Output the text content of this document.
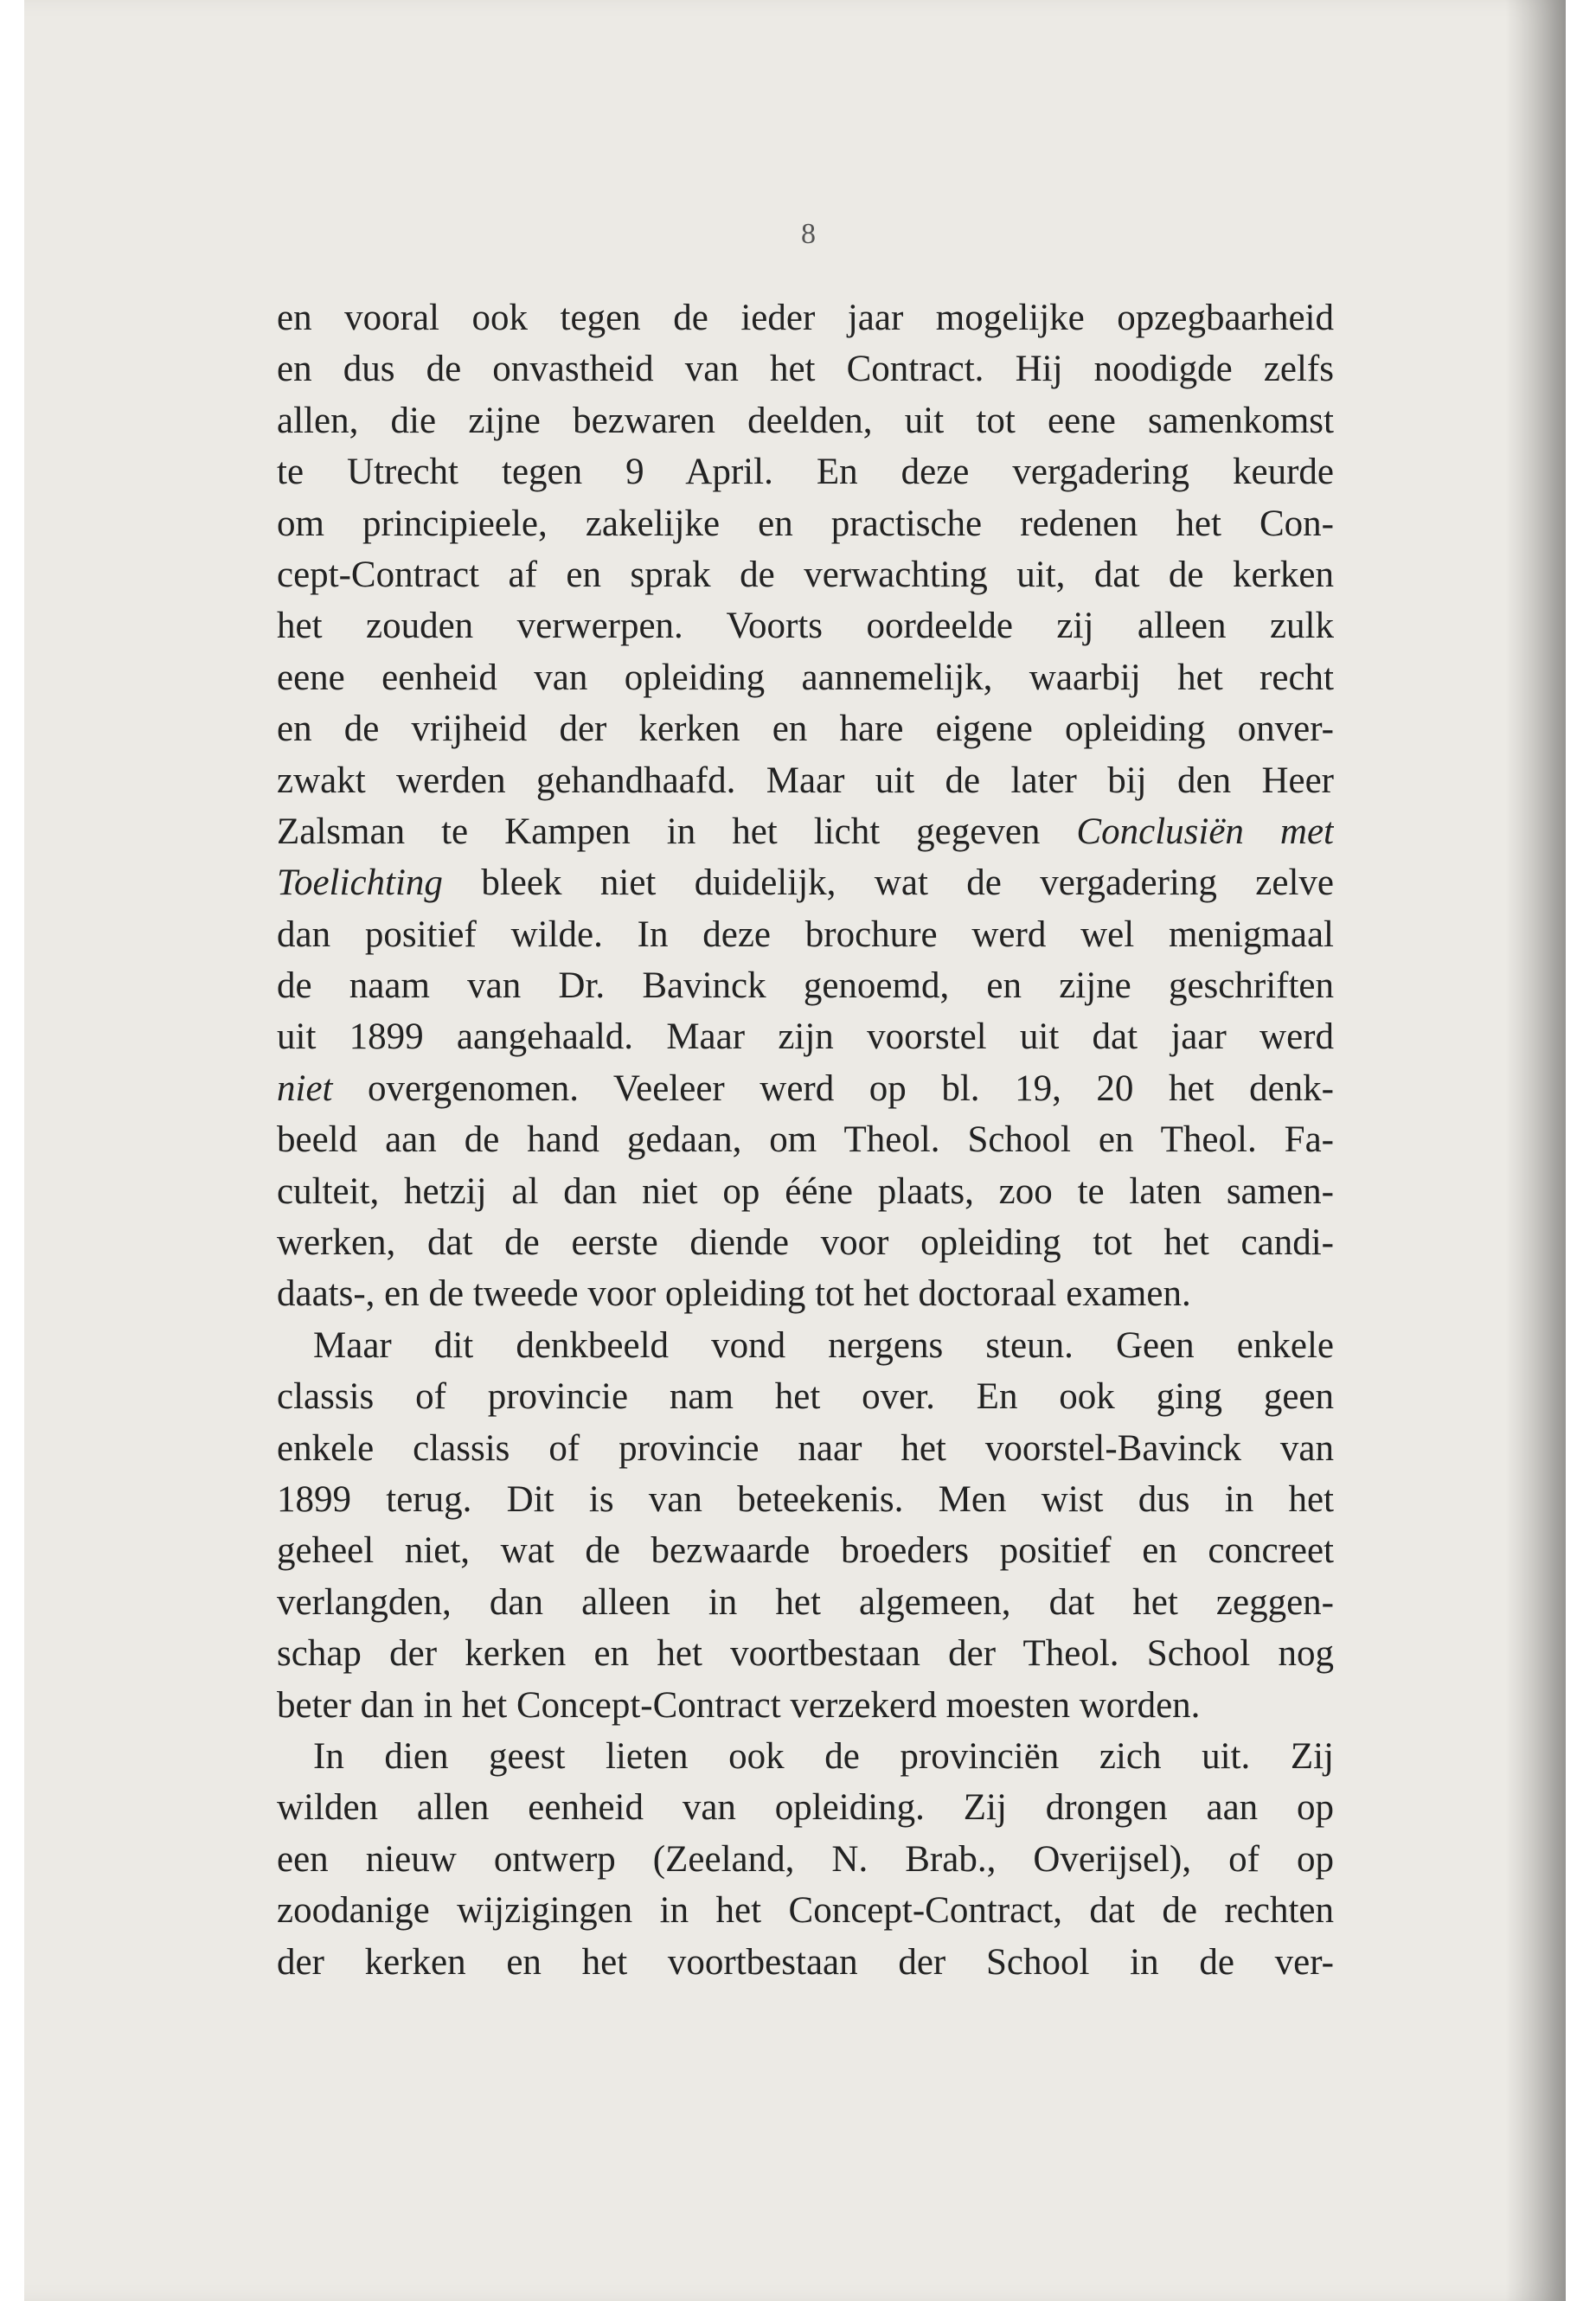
8
en vooral ook tegen de ieder jaar mogelijke opzegbaarheid
en dus de onvastheid van het Contract. Hij noodigde zelfs
allen, die zijne bezwaren deelden, uit tot eene samenkomst
te Utrecht tegen 9 April. En deze vergadering keurde
om principieele, zakelijke en practische redenen het Con-
cept-Contract af en sprak de verwachting uit, dat de kerken
het zouden verwerpen. Voorts oordeelde zij alleen zulk
eene eenheid van opleiding aannemelijk, waarbij het recht
en de vrijheid der kerken en hare eigene opleiding onver-
zwakt werden gehandhaafd. Maar uit de later bij den Heer
Zalsman te Kampen in het licht gegeven Conclusiën met
Toelichting bleek niet duidelijk, wat de vergadering zelve
dan positief wilde. In deze brochure werd wel menigmaal
de naam van Dr. Bavinck genoemd, en zijne geschriften
uit 1899 aangehaald. Maar zijn voorstel uit dat jaar werd
niet overgenomen. Veeleer werd op bl. 19, 20 het denk-
beeld aan de hand gedaan, om Theol. School en Theol. Fa-
culteit, hetzij al dan niet op ééne plaats, zoo te laten samen-
werken, dat de eerste diende voor opleiding tot het candi-
daats-, en de tweede voor opleiding tot het doctoraal examen.
Maar dit denkbeeld vond nergens steun. Geen enkele
classis of provincie nam het over. En ook ging geen
enkele classis of provincie naar het voorstel-Bavinck van
1899 terug. Dit is van beteekenis. Men wist dus in het
geheel niet, wat de bezwaarde broeders positief en concreet
verlangden, dan alleen in het algemeen, dat het zeggen-
schap der kerken en het voortbestaan der Theol. School nog
beter dan in het Concept-Contract verzekerd moesten worden.
In dien geest lieten ook de provinciën zich uit. Zij
wilden allen eenheid van opleiding. Zij drongen aan op
een nieuw ontwerp (Zeeland, N. Brab., Overijsel), of op
zoodanige wijzigingen in het Concept-Contract, dat de rechten
der kerken en het voortbestaan der School in de ver-
